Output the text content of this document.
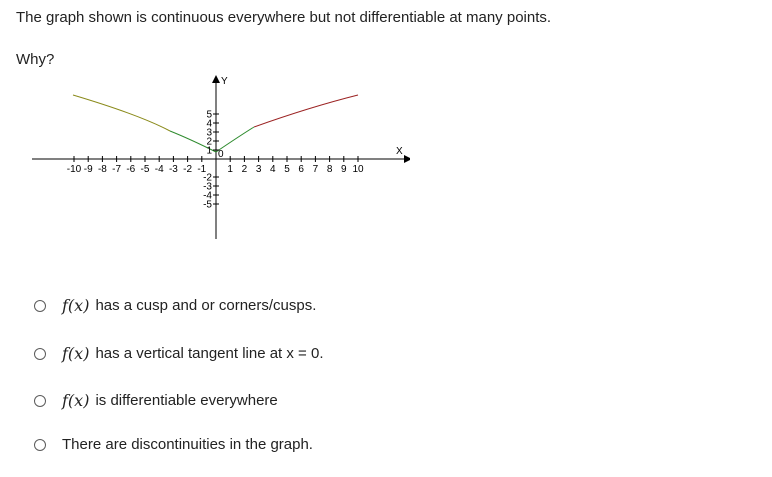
The graph shown is continuous everywhere but not differentiable at many points.
Why?
Y
X
-10 -9 -8 -7 -6 -5 -4 -3 -2 -1 1 2 3 4 5 6 7 8 9 10
5
4
3
2
1
-2
-3
-4
-5
0
f(x) has a cusp and or corners/cusps.
f(x) has a vertical tangent line at x = 0.
f(x) is differentiable everywhere
There are discontinuities in the graph.
